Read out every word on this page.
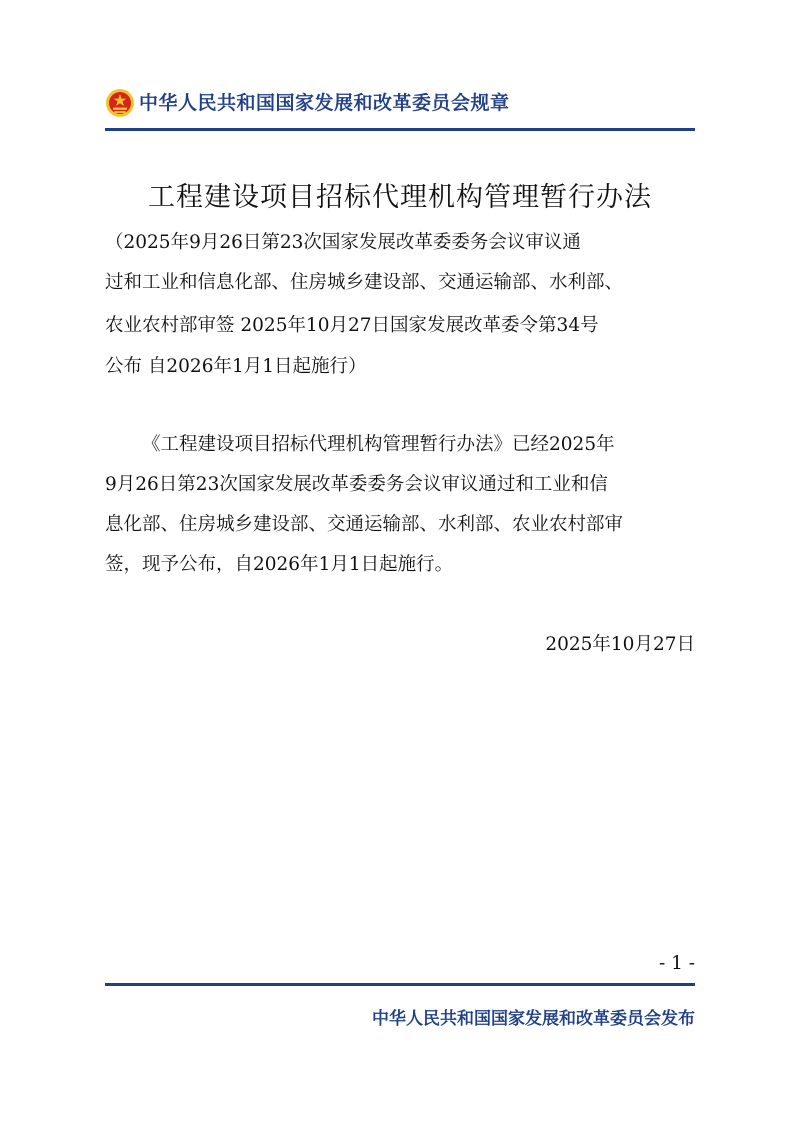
中华人民共和国国家发展和改革委员会规章
工程建设项目招标代理机构管理暂行办法
（2025年9月26日第23次国家发展改革委委务会议审议通
过和工业和信息化部、住房城乡建设部、交通运输部、水利部、
农业农村部审签 2025年10月27日国家发展改革委令第34号
公布 自2026年1月1日起施行）
《工程建设项目招标代理机构管理暂行办法》已经2025年
9月26日第23次国家发展改革委委务会议审议通过和工业和信
息化部、住房城乡建设部、交通运输部、水利部、农业农村部审
签，现予公布，自2026年1月1日起施行。
2025年10月27日
- 1 -
中华人民共和国国家发展和改革委员会发布
